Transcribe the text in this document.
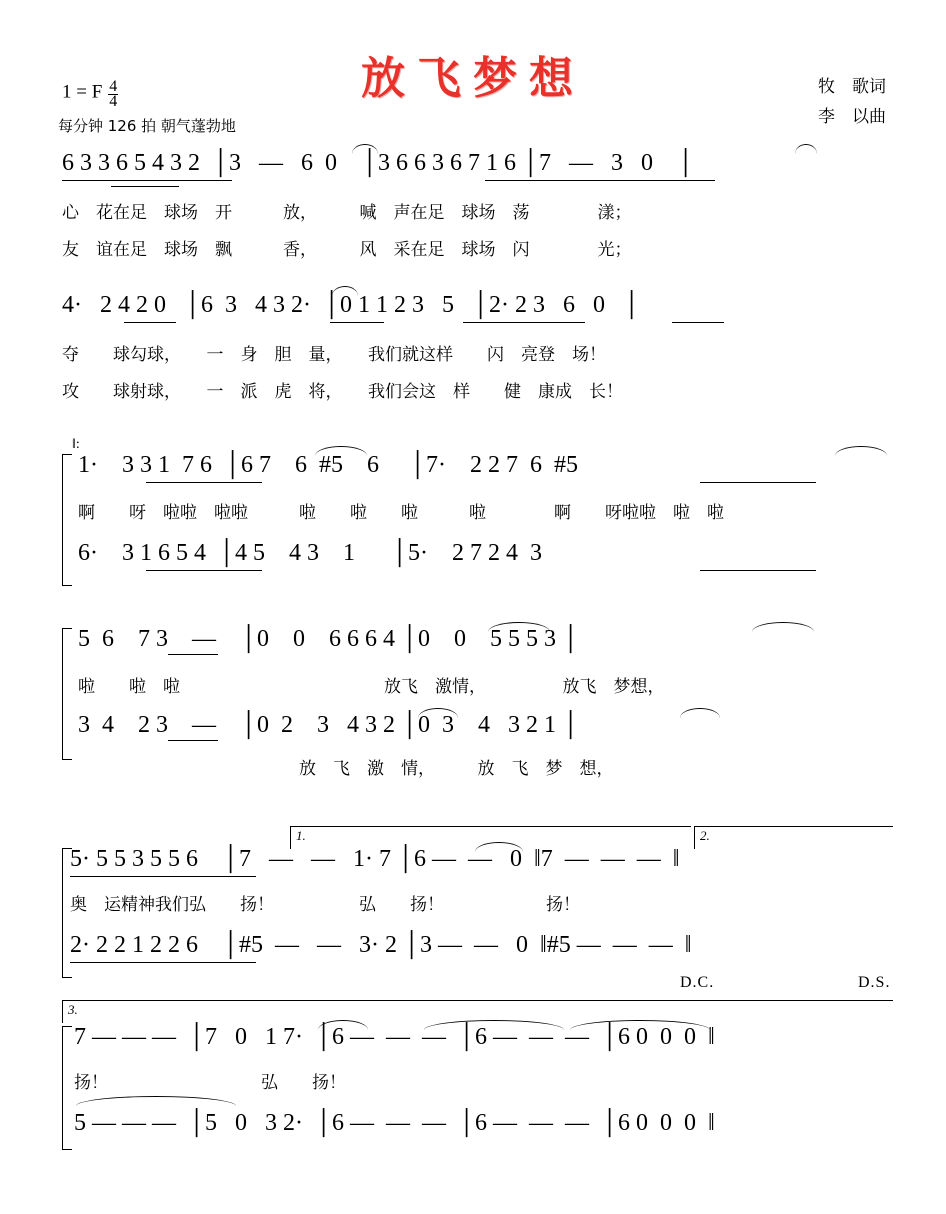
放飞梦想
1 = F $\frac{4}{4}$
每分钟 126 拍 朝气蓬勃地
牧　歌词
李　以曲
6 3 3 6 5 4 3 2  │3   —   6  0    │3 6 6 3 6 7 1 6 │7   —   3   0    │
心　花在足　球场　开　　　放，　　　喊　声在足　球场　荡　　　　漾；
友　谊在足　球场　飘　　　香，　　　风　采在足　球场　闪　　　　光；
4·   2 4 2 0   │6  3   4 3 2·  │0 1 1 2 3   5   │2· 2 3   6   0   │
夺　　球勾球，　　一　身　胆　量，　　我们就这样　　闪　亮登　场！
攻　　球射球，　　一　派　虎　将，　　我们会这　样　　健　康成　长！
‖:
1·    3 3 1  7 6  │6 7    6  #5    6     │7·    2 2 7  6  #5
啊　　呀　啦啦　啦啦　　　啦　　啦　　啦　　　啦　　　　啊　　呀啦啦　啦　啦
6·    3 1 6 5 4  │4 5    4 3    1      │5·    2 7 2 4  3
5  6    7 3    —    │0    0    6 6 6 4 │0    0    5 5 5 3 │
啦　　啦　啦　　　　　　　　　　　　放飞　激情，　　　　　放飞　梦想，
3  4    2 3    —    │0  2    3   4 3 2 │0  3    4   3 2 1 │
　　　　　　　　　　　　　放　飞　激　情，　　　放　飞　梦　想，
1.	2.
5· 5 5 3 5 5 6    │7   —   —   1· 7 │6 —  —   0  ‖7  —  —  —  ‖
奥　运精神我们弘　　扬！　　　　　弘　　扬！　　　　　　扬！
2· 2 2 1 2 2 6    │#5  —   —   3· 2 │3 —  —   0  ‖#5 —  —  —  ‖
D.C.	D.S.
3.
7 — — —  │7   0   1 7·  │6 —  —  —  │6 —  —  —  │6 0  0  0  ‖
扬！　　　　　　　　　弘　　扬！
5 — — —  │5   0   3 2·  │6 —  —  —  │6 —  —  —  │6 0  0  0  ‖
